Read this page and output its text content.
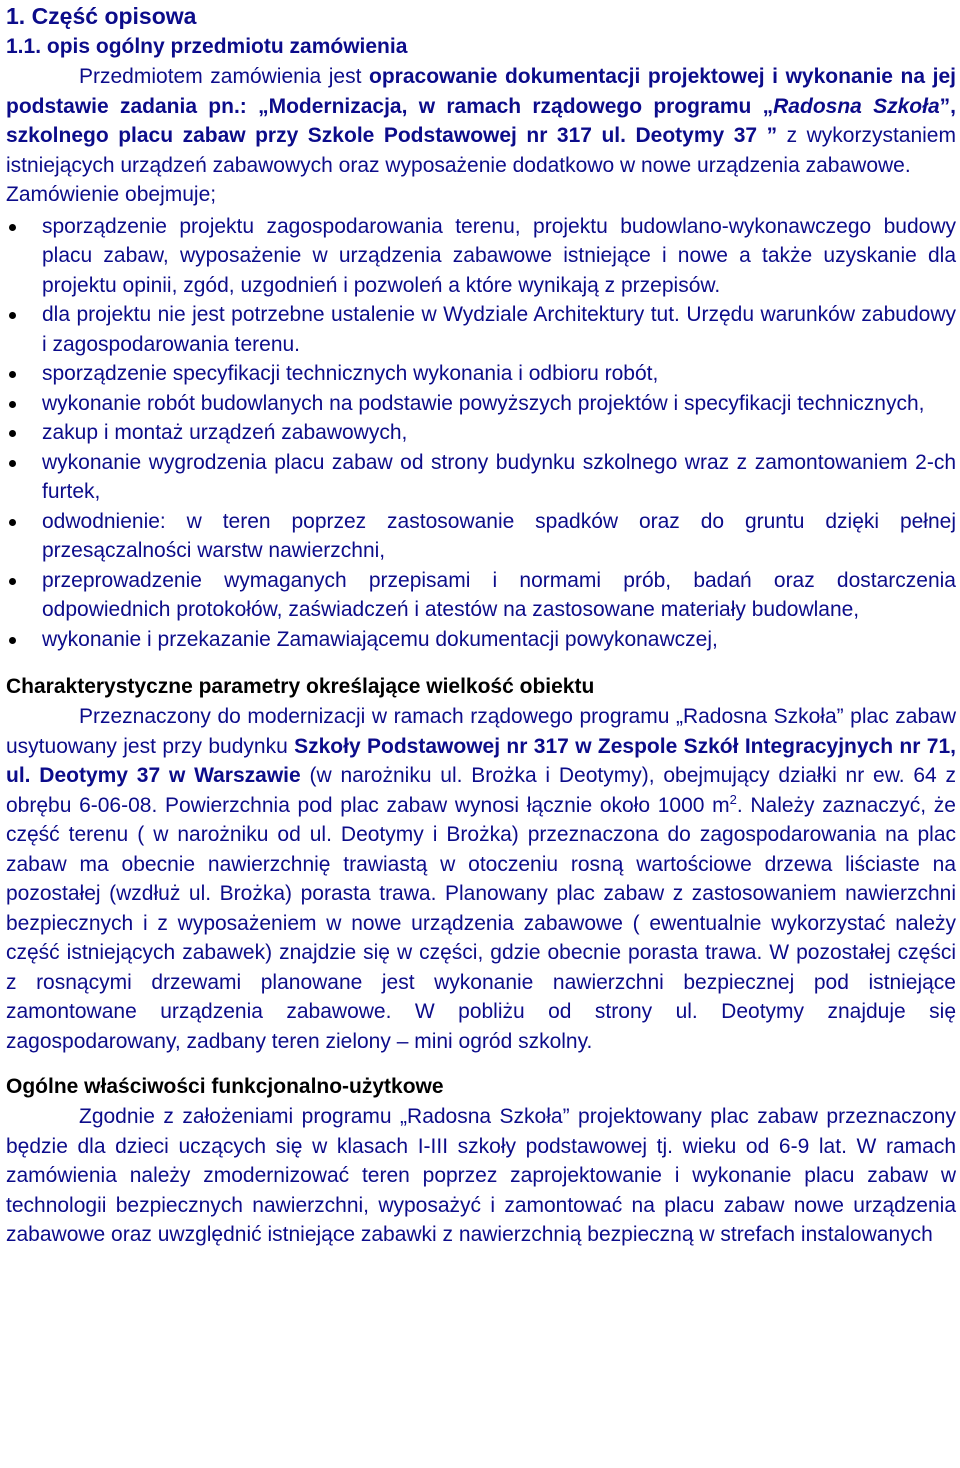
1. Część opisowa
1.1. opis ogólny przedmiotu zamówienia

Przedmiotem zamówienia jest opracowanie dokumentacji projektowej i wykonanie na jej podstawie zadania pn.: „Modernizacja, w ramach rządowego programu „Radosna Szkoła”, szkolnego placu zabaw przy Szkole Podstawowej nr 317 ul. Deotymy 37 ” z wykorzystaniem istniejących urządzeń zabawowych oraz wyposażenie dodatkowo w nowe urządzenia zabawowe.

Zamówienie obejmuje;

sporządzenie projektu zagospodarowania terenu, projektu budowlano-wykonawczego budowy placu zabaw, wyposażenie w urządzenia zabawowe istniejące i nowe a także uzyskanie dla projektu opinii, zgód, uzgodnień i pozwoleń a które wynikają z przepisów.
dla projektu nie jest potrzebne ustalenie w Wydziale Architektury tut. Urzędu warunków zabudowy i zagospodarowania terenu.
sporządzenie specyfikacji technicznych wykonania i odbioru robót,
wykonanie robót budowlanych na podstawie powyższych projektów i specyfikacji technicznych,
zakup i montaż urządzeń zabawowych,
wykonanie wygrodzenia placu zabaw od strony budynku szkolnego wraz z zamontowaniem 2-ch furtek,
odwodnienie: w teren poprzez zastosowanie spadków oraz do gruntu dzięki pełnej przesączalności warstw nawierzchni,
przeprowadzenie wymaganych przepisami i normami prób, badań oraz dostarczenia odpowiednich protokołów, zaświadczeń i atestów na zastosowane materiały budowlane,
wykonanie i przekazanie Zamawiającemu dokumentacji powykonawczej,
Charakterystyczne parametry określające wielkość obiektu

Przeznaczony do modernizacji w ramach rządowego programu „Radosna Szkoła” plac zabaw usytuowany jest przy budynku Szkoły Podstawowej nr 317 w Zespole Szkół Integracyjnych nr 71, ul. Deotymy 37 w Warszawie (w narożniku ul. Brożka i Deotymy), obejmujący działki nr ew. 64 z obrębu 6-06-08. Powierzchnia pod plac zabaw wynosi łącznie około 1000 $m^2$. Należy zaznaczyć, że część terenu ( w narożniku od ul. Deotymy i Brożka) przeznaczona do zagospodarowania na plac zabaw ma obecnie nawierzchnię trawiastą w otoczeniu rosną wartościowe drzewa liściaste na pozostałej (wzdłuż ul. Brożka) porasta trawa. Planowany plac zabaw z zastosowaniem nawierzchni bezpiecznych i z wyposażeniem w nowe urządzenia zabawowe ( ewentualnie wykorzystać należy część istniejących zabawek) znajdzie się w części, gdzie obecnie porasta trawa. W pozostałej części z rosnącymi drzewami planowane jest wykonanie nawierzchni bezpiecznej pod istniejące zamontowane urządzenia zabawowe. W pobliżu od strony ul. Deotymy znajduje się zagospodarowany, zadbany teren zielony – mini ogród szkolny.

Ogólne właściwości funkcjonalno-użytkowe

Zgodnie z założeniami programu „Radosna Szkoła” projektowany plac zabaw przeznaczony będzie dla dzieci uczących się w klasach I-III szkoły podstawowej tj. wieku od 6-9 lat. W ramach zamówienia należy zmodernizować teren poprzez zaprojektowanie i wykonanie placu zabaw w technologii bezpiecznych nawierzchni, wyposażyć i zamontować na placu zabaw nowe urządzenia zabawowe oraz uwzględnić istniejące zabawki z nawierzchnią bezpieczną w strefach instalowanych
